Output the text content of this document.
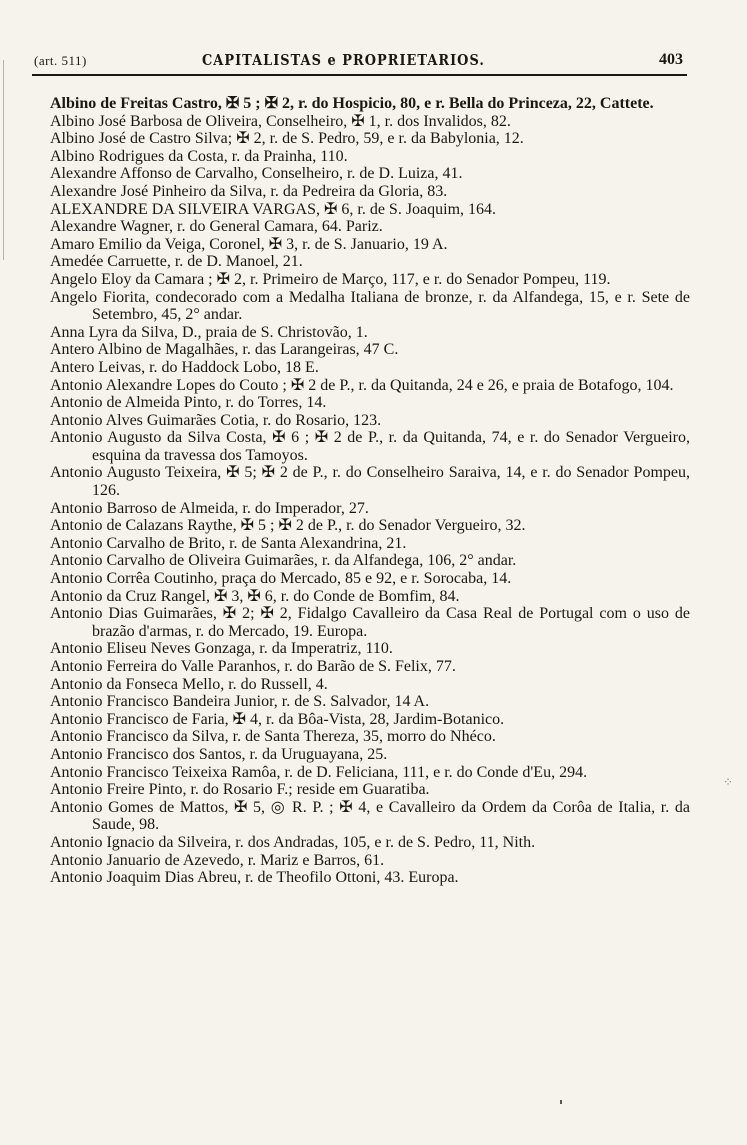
(art. 511)	CAPITALISTAS e PROPRIETARIOS.	403
Albino de Freitas Castro, ✠ 5 ; ✠ 2, r. do Hospicio, 80, e r. Bella do Princeza, 22, Cattete.
Albino José Barbosa de Oliveira, Conselheiro, ✠ 1, r. dos Invalidos, 82.
Albino José de Castro Silva; ✠ 2, r. de S. Pedro, 59, e r. da Babylonia, 12.
Albino Rodrigues da Costa, r. da Prainha, 110.
Alexandre Affonso de Carvalho, Conselheiro, r. de D. Luiza, 41.
Alexandre José Pinheiro da Silva, r. da Pedreira da Gloria, 83.
ALEXANDRE DA SILVEIRA VARGAS, ✠ 6, r. de S. Joaquim, 164.
Alexandre Wagner, r. do General Camara, 64. Pariz.
Amaro Emilio da Veiga, Coronel, ✠ 3, r. de S. Januario, 19 A.
Amedée Carruette, r. de D. Manoel, 21.
Angelo Eloy da Camara ; ✠ 2, r. Primeiro de Março, 117, e r. do Senador Pompeu, 119.
Angelo Fiorita, condecorado com a Medalha Italiana de bronze, r. da Alfandega, 15, e r. Sete de Setembro, 45, 2° andar.
Anna Lyra da Silva, D., praia de S. Christovão, 1.
Antero Albino de Magalhães, r. das Larangeiras, 47 C.
Antero Leivas, r. do Haddock Lobo, 18 E.
Antonio Alexandre Lopes do Couto ; ✠ 2 de P., r. da Quitanda, 24 e 26, e praia de Botafogo, 104.
Antonio de Almeida Pinto, r. do Torres, 14.
Antonio Alves Guimarães Cotia, r. do Rosario, 123.
Antonio Augusto da Silva Costa, ✠ 6 ; ✠ 2 de P., r. da Quitanda, 74, e r. do Senador Vergueiro, esquina da travessa dos Tamoyos.
Antonio Augusto Teixeira, ✠ 5; ✠ 2 de P., r. do Conselheiro Saraiva, 14, e r. do Senador Pompeu, 126.
Antonio Barroso de Almeida, r. do Imperador, 27.
Antonio de Calazans Raythe, ✠ 5 ; ✠ 2 de P., r. do Senador Vergueiro, 32.
Antonio Carvalho de Brito, r. de Santa Alexandrina, 21.
Antonio Carvalho de Oliveira Guimarães, r. da Alfandega, 106, 2° andar.
Antonio Corrêa Coutinho, praça do Mercado, 85 e 92, e r. Sorocaba, 14.
Antonio da Cruz Rangel, ✠ 3, ✠ 6, r. do Conde de Bomfim, 84.
Antonio Dias Guimarães, ✠ 2; ✠ 2, Fidalgo Cavalleiro da Casa Real de Portugal com o uso de brazão d'armas, r. do Mercado, 19. Europa.
Antonio Eliseu Neves Gonzaga, r. da Imperatriz, 110.
Antonio Ferreira do Valle Paranhos, r. do Barão de S. Felix, 77.
Antonio da Fonseca Mello, r. do Russell, 4.
Antonio Francisco Bandeira Junior, r. de S. Salvador, 14 A.
Antonio Francisco de Faria, ✠ 4, r. da Bôa-Vista, 28, Jardim-Botanico.
Antonio Francisco da Silva, r. de Santa Thereza, 35, morro do Nhéco.
Antonio Francisco dos Santos, r. da Uruguayana, 25.
Antonio Francisco Teixeixa Ramôa, r. de D. Feliciana, 111, e r. do Conde d'Eu, 294.
Antonio Freire Pinto, r. do Rosario F.; reside em Guaratiba.
Antonio Gomes de Mattos, ✠ 5, ◎ R. P. ; ✠ 4, e Cavalleiro da Ordem da Corôa de Italia, r. da Saude, 98.
Antonio Ignacio da Silveira, r. dos Andradas, 105, e r. de S. Pedro, 11, Nith.
Antonio Januario de Azevedo, r. Mariz e Barros, 61.
Antonio Joaquim Dias Abreu, r. de Theofilo Ottoni, 43. Europa.
⁘
